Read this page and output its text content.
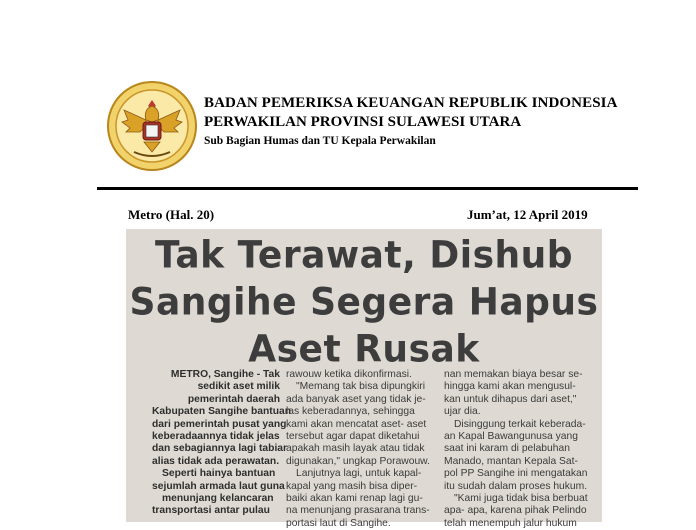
BADAN PEMERIKSA KEUANGAN REPUBLIK INDONESIA
PERWAKILAN PROVINSI SULAWESI UTARA
Sub Bagian Humas dan TU Kepala Perwakilan
Metro (Hal. 20)	Jum’at, 12 April 2019
Tak Terawat, Dishub
Sangihe Segera Hapus
Aset Rusak
METRO, Sangihe - Tak
sedikit aset milik
pemerintah daerah
Kabupaten Sangihe bantuan
dari pemerintah pusat yang
keberadaannya tidak jelas
dan sebagiannya lagi tabiar
alias tidak ada perawatan.
Seperti hainya bantuan
sejumlah armada laut guna
menunjang kelancaran
transportasi antar pulau
rawouw ketika dikonfirmasi.
"Memang tak bisa dipungkiri
ada banyak aset yang tidak je-
las keberadannya, sehingga
kami akan mencatat aset- aset
tersebut agar dapat diketahui
apakah masih layak atau tidak
digunakan," ungkap Porawouw.
Lanjutnya lagi, untuk kapal-
kapal yang masih bisa diper-
baiki akan kami renap lagi gu-
na menunjang prasarana trans-
portasi laut di Sangihe.
nan memakan biaya besar se-
hingga kami akan mengusul-
kan untuk dihapus dari aset,"
ujar dia.
Disinggung terkait keberada-
an Kapal Bawangunusa yang
saat ini karam di pelabuhan
Manado, mantan Kepala Sat-
pol PP Sangihe ini mengatakan
itu sudah dalam proses hukum.
"Kami juga tidak bisa berbuat
apa- apa, karena pihak Pelindo
telah menempuh jalur hukum
